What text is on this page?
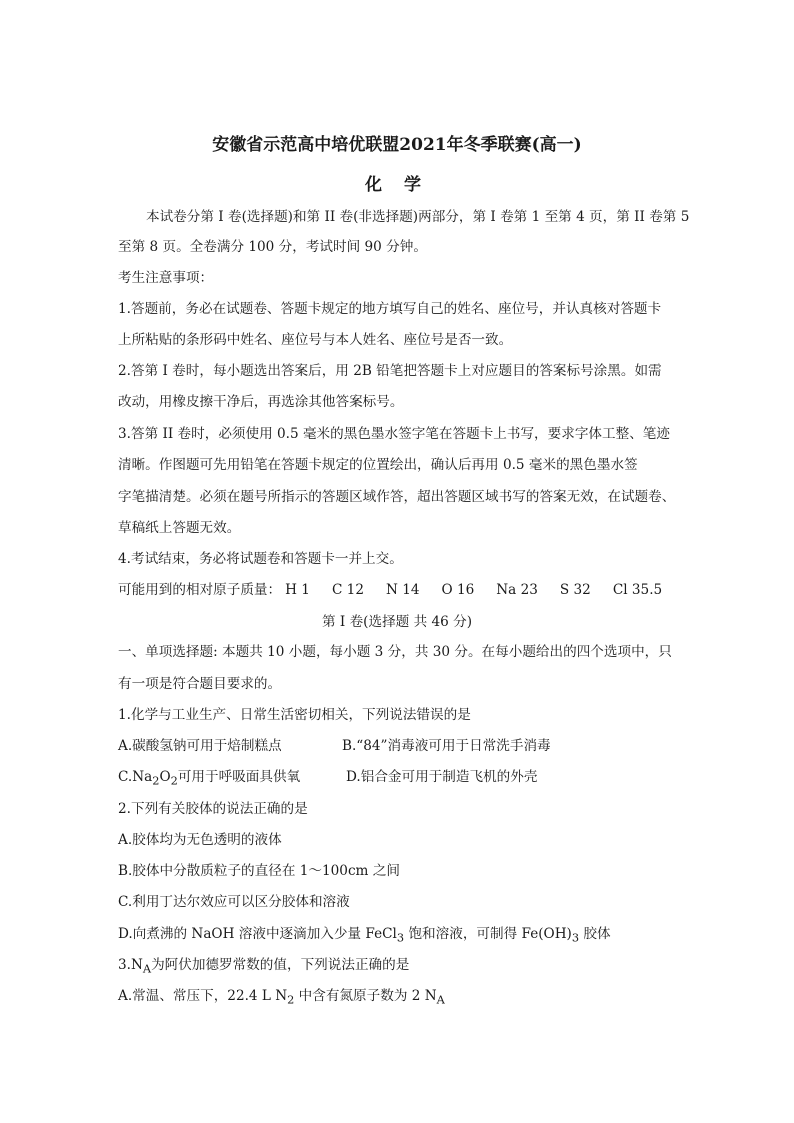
安徽省示范高中培优联盟2021年冬季联赛(高一)
化 学
本试卷分第 I 卷(选择题)和第 II 卷(非选择题)两部分，第 I 卷第 1 至第 4 页，第 II 卷第 5
至第 8 页。全卷满分 100 分，考试时间 90 分钟。
考生注意事项：
1.答题前，务必在试题卷、答题卡规定的地方填写自己的姓名、座位号，并认真核对答题卡
上所粘贴的条形码中姓名、座位号与本人姓名、座位号是否一致。
2.答第 I 卷时，每小题选出答案后，用 2B 铅笔把答题卡上对应题目的答案标号涂黑。如需
改动，用橡皮擦干净后，再选涂其他答案标号。
3.答第 II 卷时，必须使用 0.5 毫米的黑色墨水签字笔在答题卡上书写，要求字体工整、笔迹
清晰。作图题可先用铅笔在答题卡规定的位置绘出，确认后再用 0.5 毫米的黑色墨水签
字笔描清楚。必须在题号所指示的答题区域作答，超出答题区域书写的答案无效，在试题卷、
草稿纸上答题无效。
4.考试结束，务必将试题卷和答题卡一并上交。
可能用到的相对原子质量： H 1 C 12 N 14 O 16 Na 23 S 32 Cl 35.5
第 I 卷(选择题 共 46 分)
一、单项选择题: 本题共 10 小题，每小题 3 分，共 30 分。在每小题给出的四个选项中，只
有一项是符合题目要求的。
1.化学与工业生产、日常生活密切相关，下列说法错误的是
A.碳酸氢钠可用于焙制糕点	B.“84”消毒液可用于日常洗手消毒
$C.Na_2O_2$可用于呼吸面具供氧	D.铝合金可用于制造飞机的外壳
2.下列有关胶体的说法正确的是
A.胶体均为无色透明的液体
B.胶体中分散质粒子的直径在 1～100cm 之间
C.利用丁达尔效应可以区分胶体和溶液
D.向煮沸的 NaOH 溶液中逐滴加入少量 FeCl$_3$ 饱和溶液，可制得 $Fe(OH)_3$ 胶体
$3.N_A$为阿伏加德罗常数的值，下列说法正确的是
A.常温、常压下，22.4 L $N_2$ 中含有氮原子数为 2 $N_A$
